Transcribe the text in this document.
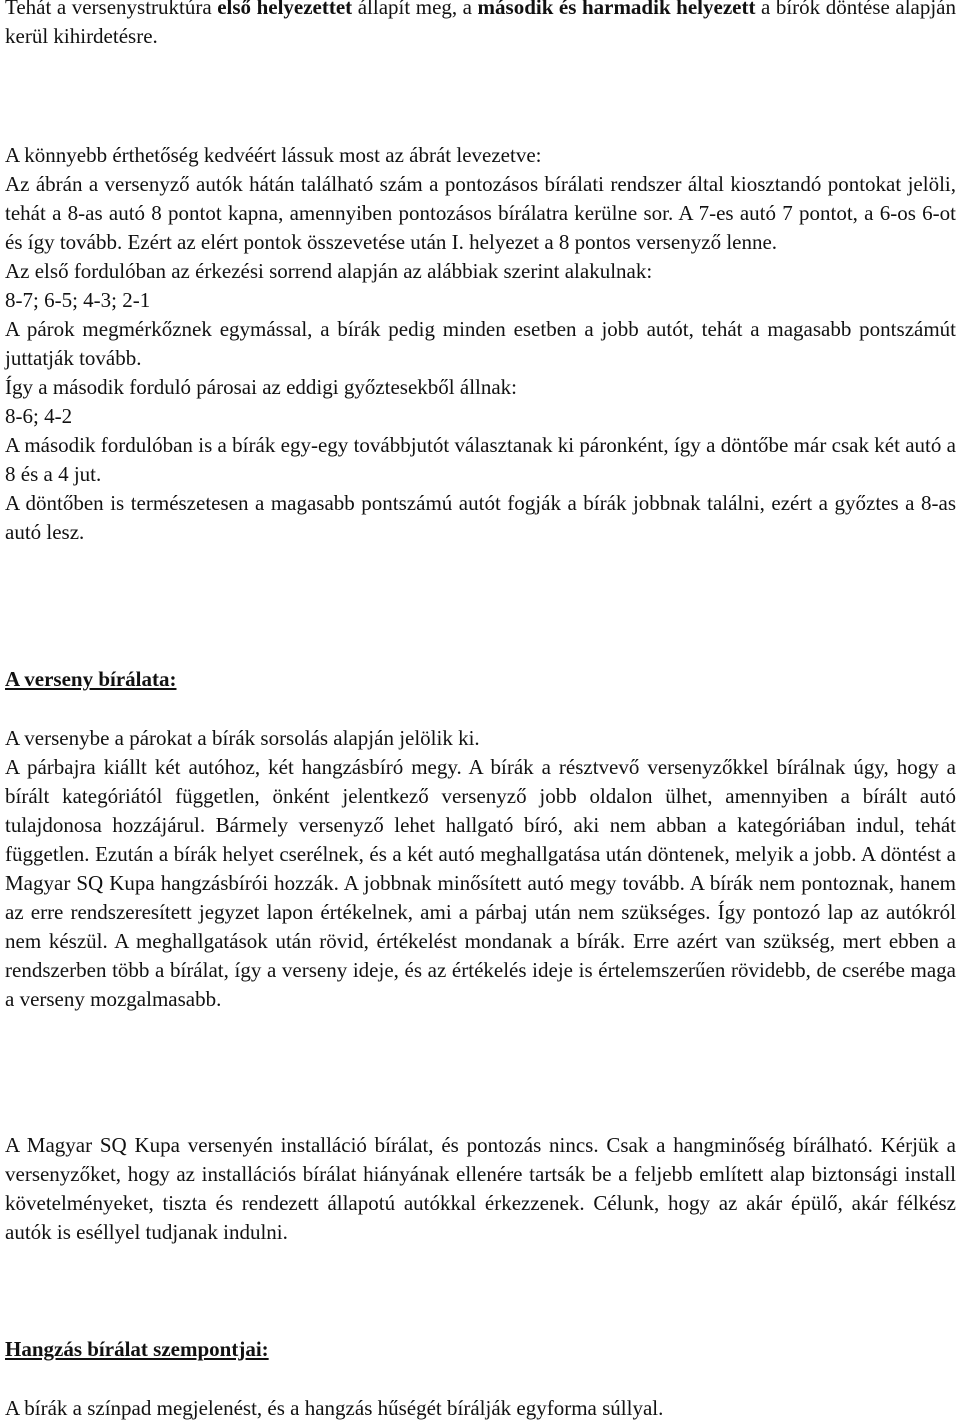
Tehát a versenystruktúra első helyezettet állapít meg, a második és harmadik helyezett a bírók döntése alapján kerül kihirdetésre.

A könnyebb érthetőség kedvéért lássuk most az ábrát levezetve:

Az ábrán a versenyző autók hátán található szám a pontozásos bírálati rendszer által kiosztandó pontokat jelöli, tehát a 8-as autó 8 pontot kapna, amennyiben pontozásos bírálatra kerülne sor. A 7-es autó 7 pontot, a 6-os 6-ot és így tovább. Ezért az elért pontok összevetése után I. helyezet a 8 pontos versenyző lenne.

Az első fordulóban az érkezési sorrend alapján az alábbiak szerint alakulnak:

8-7; 6-5; 4-3; 2-1

A párok megmérkőznek egymással, a bírák pedig minden esetben a jobb autót, tehát a magasabb pontszámút juttatják tovább.

Így a második forduló párosai az eddigi győztesekből állnak:

8-6; 4-2

A második fordulóban is a bírák egy-egy továbbjutót választanak ki páronként, így a döntőbe már csak két autó a 8 és a 4 jut.

A döntőben is természetesen a magasabb pontszámú autót fogják a bírák jobbnak találni, ezért a győztes a 8-as autó lesz.

A verseny bírálata:

A versenybe a párokat a bírák sorsolás alapján jelölik ki.

A párbajra kiállt két autóhoz, két hangzásbíró megy. A bírák a résztvevő versenyzőkkel bírálnak úgy, hogy a bírált kategóriától független, önként jelentkező versenyző jobb oldalon ülhet, amennyiben a bírált autó tulajdonosa hozzájárul. Bármely versenyző lehet hallgató bíró, aki nem abban a kategóriában indul, tehát független. Ezután a bírák helyet cserélnek, és a két autó meghallgatása után döntenek, melyik a jobb. A döntést a Magyar SQ Kupa hangzásbírói hozzák. A jobbnak minősített autó megy tovább. A bírák nem pontoznak, hanem az erre rendszeresített jegyzet lapon értékelnek, ami a párbaj után nem szükséges. Így pontozó lap az autókról nem készül. A meghallgatások után rövid, értékelést mondanak a bírák. Erre azért van szükség, mert ebben a rendszerben több a bírálat, így a verseny ideje, és az értékelés ideje is értelemszerűen rövidebb, de cserébe maga a verseny mozgalmasabb.

A Magyar SQ Kupa versenyén installáció bírálat, és pontozás nincs. Csak a hangminőség bírálható. Kérjük a versenyzőket, hogy az installációs bírálat hiányának ellenére tartsák be a feljebb említett alap biztonsági install követelményeket, tiszta és rendezett állapotú autókkal érkezzenek. Célunk, hogy az akár épülő, akár félkész autók is eséllyel tudjanak indulni.

Hangzás bírálat szempontjai:

A bírák a színpad megjelenést, és a hangzás hűségét bírálják egyforma súllyal.
